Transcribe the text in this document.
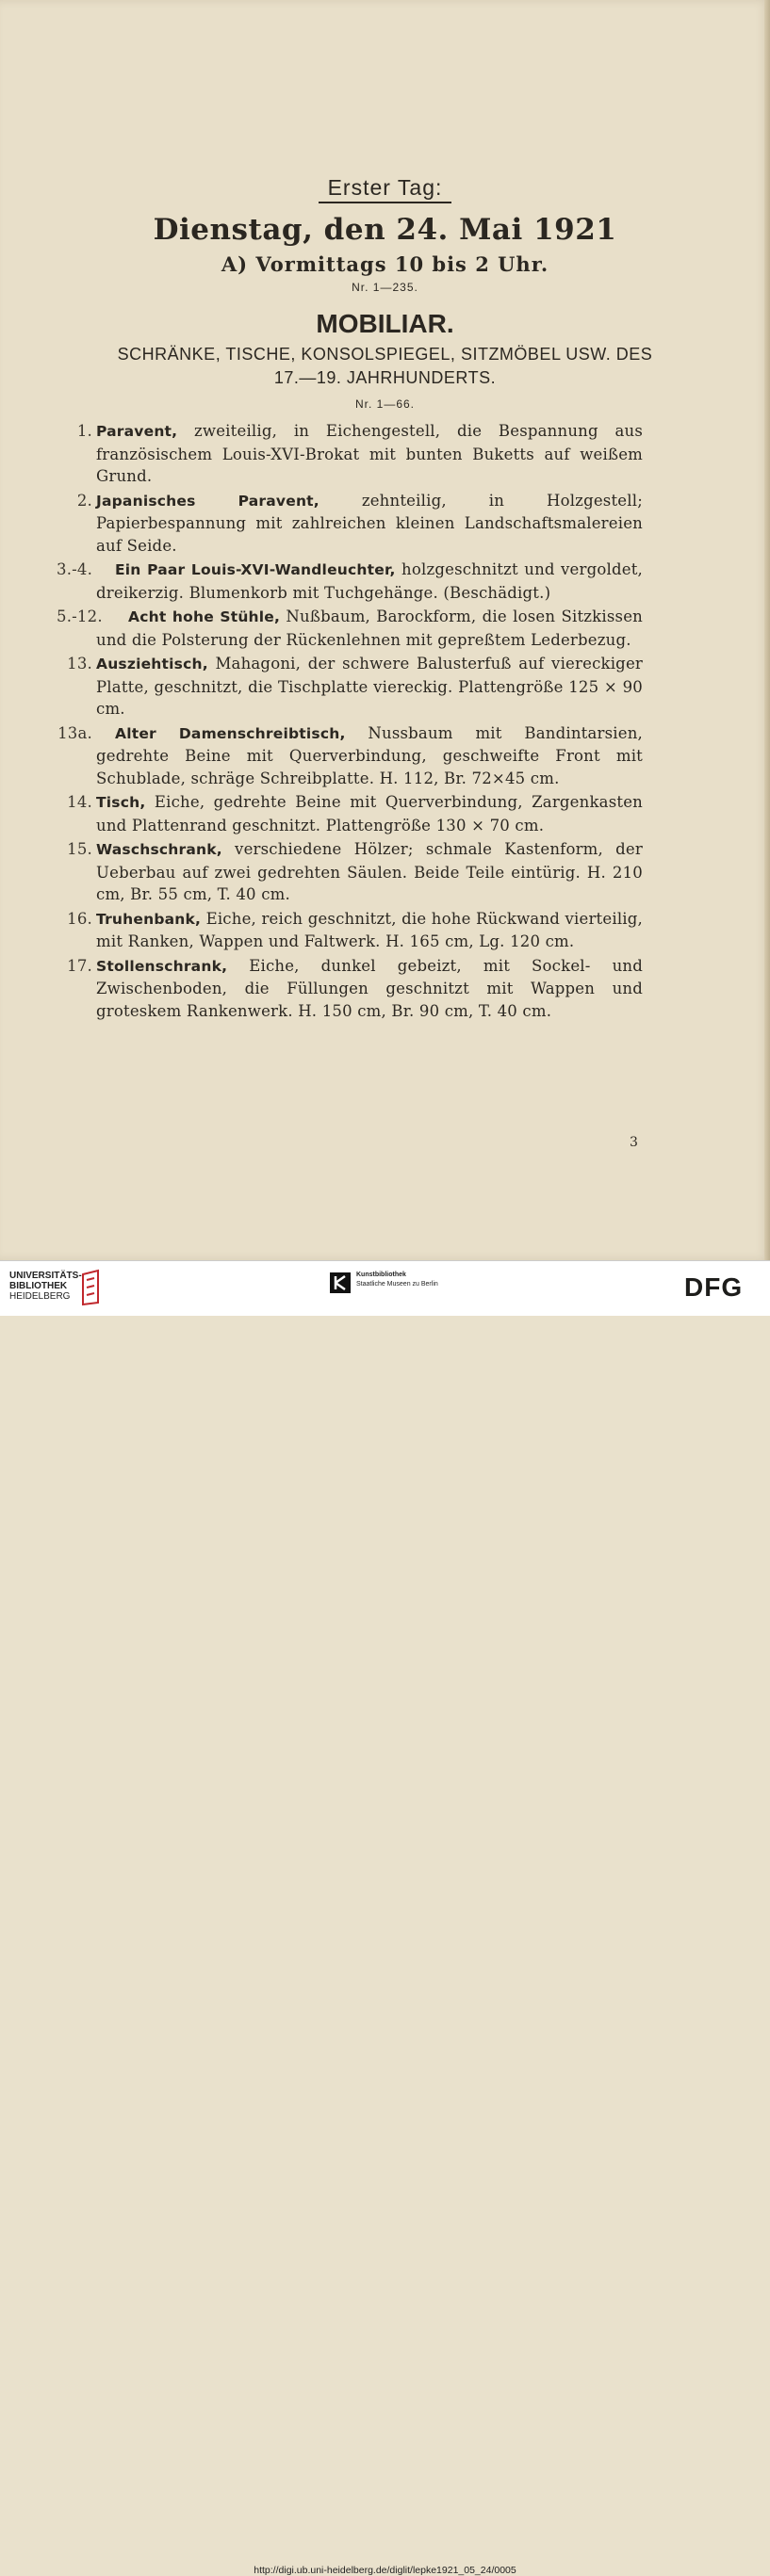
Erster Tag:
Dienstag, den 24. Mai 1921
A) Vormittags 10 bis 2 Uhr.
Nr. 1—235.
MOBILIAR.
SCHRÄNKE, TISCHE, KONSOLSPIEGEL, SITZMÖBEL USW. DES
17.—19. JAHRHUNDERTS.
Nr. 1—66.
1. Paravent, zweiteilig, in Eichengestell, die Bespannung aus französischem Louis-XVI-Brokat mit bunten Buketts auf weißem Grund.
2. Japanisches Paravent, zehnteilig, in Holzgestell; Papierbespannung mit zahlreichen kleinen Landschaftsmalereien auf Seide.
3.-4.	Ein Paar Louis-XVI-Wandleuchter, holzgeschnitzt und vergoldet, dreikerzig. Blumenkorb mit Tuchgehänge. (Beschädigt.)
5.-12.	Acht hohe Stühle, Nußbaum, Barockform, die losen Sitzkissen und die Polsterung der Rückenlehnen mit gepreßtem Lederbezug.
13. Ausziehtisch, Mahagoni, der schwere Balusterfuß auf viereckiger Platte, geschnitzt, die Tischplatte viereckig. Plattengröße 125 × 90 cm.
13a.	Alter Damenschreibtisch, Nussbaum mit Bandintarsien, gedrehte Beine mit Querverbindung, geschweifte Front mit Schublade, schräge Schreibplatte. H. 112, Br. 72×45 cm.
14. Tisch, Eiche, gedrehte Beine mit Querverbindung, Zargenkasten und Plattenrand geschnitzt. Plattengröße 130 × 70 cm.
15. Waschschrank, verschiedene Hölzer; schmale Kastenform, der Ueberbau auf zwei gedrehten Säulen. Beide Teile eintürig. H. 210 cm, Br. 55 cm, T. 40 cm.
16. Truhenbank, Eiche, reich geschnitzt, die hohe Rückwand vierteilig, mit Ranken, Wappen und Faltwerk. H. 165 cm, Lg. 120 cm.
17. Stollenschrank, Eiche, dunkel gebeizt, mit Sockel- und Zwischenboden, die Füllungen geschnitzt mit Wappen und groteskem Rankenwerk. H. 150 cm, Br. 90 cm, T. 40 cm.
3
UNIVERSITÄTS-
BIBLIOTHEK
HEIDELBERG
Kunstbibliothek
Staatliche Museen zu Berlin	DFG
http://digi.ub.uni-heidelberg.de/diglit/lepke1921_05_24/0005
